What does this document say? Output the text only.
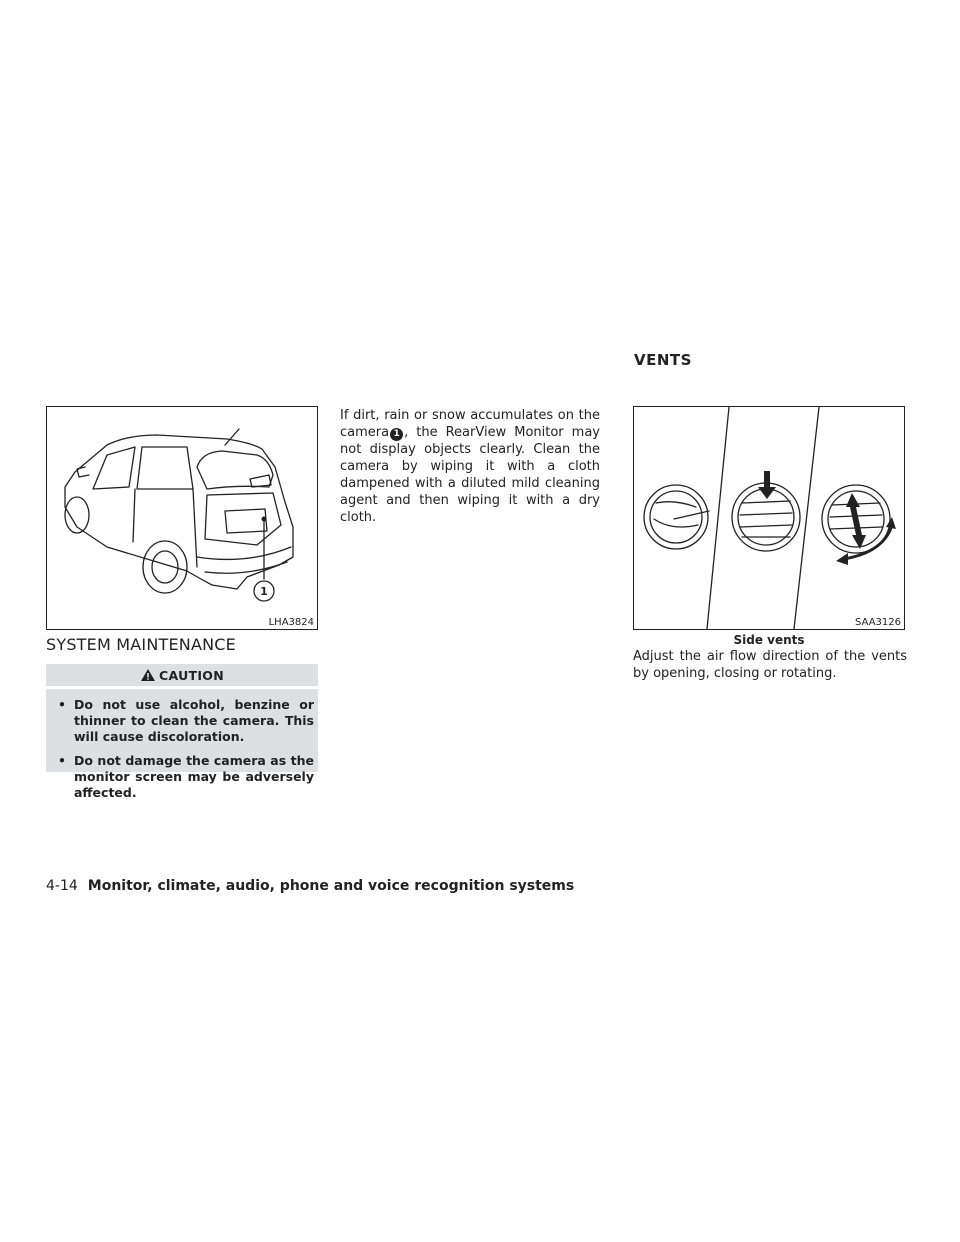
1
LHA3824
SYSTEM MAINTENANCE
CAUTION
• Do not use alcohol, benzine or thinner to clean the camera. This will cause discoloration.
• Do not damage the camera as the monitor screen may be adversely affected.
If dirt, rain or snow accumulates on the camera 1 , the RearView Monitor may not display objects clearly. Clean the camera by wiping it with a cloth dampened with a diluted mild cleaning agent and then wiping it with a dry cloth.
VENTS
SAA3126
Side vents
Adjust the air flow direction of the vents by opening, closing or rotating.
4-14 Monitor, climate, audio, phone and voice recognition systems
